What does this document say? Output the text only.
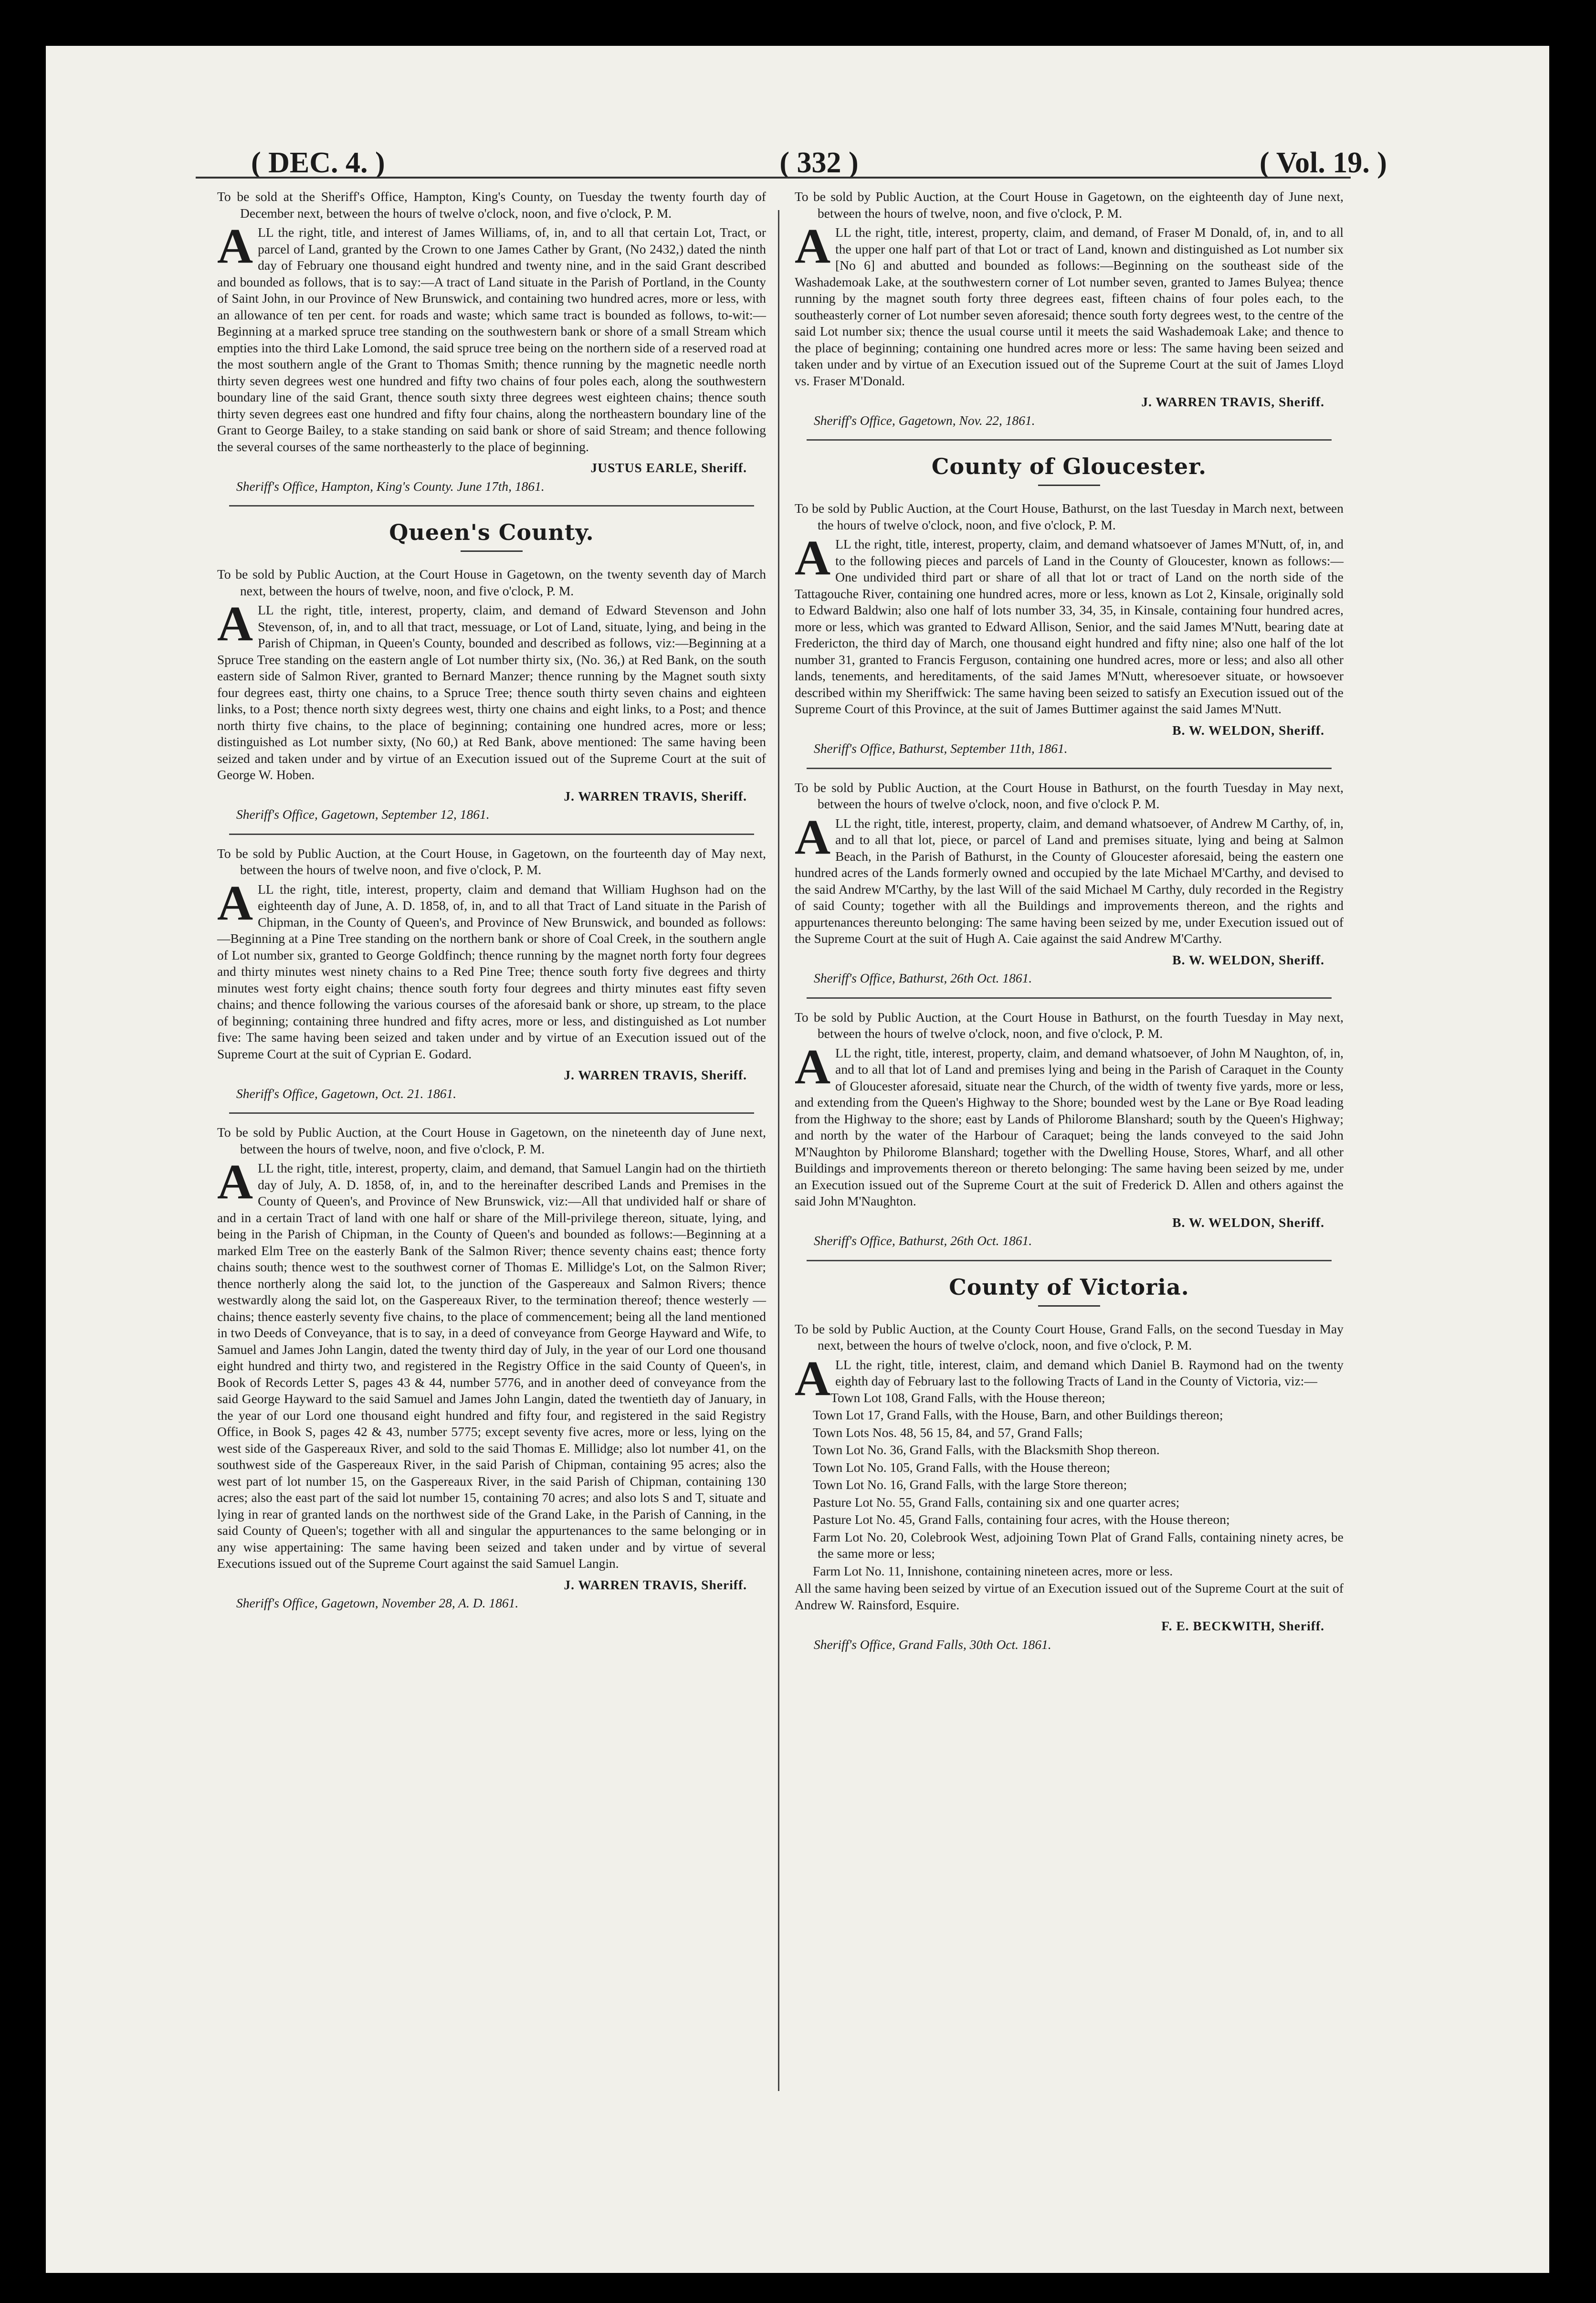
( DEC. 4. )	( 332 )	( Vol. 19. )

To be sold at the Sheriff's Office, Hampton, King's County, on Tuesday the twenty fourth day of December next, between the hours of twelve o'clock, noon, and five o'clock, P. M.

ALL the right, title, and interest of James Williams, of, in, and to all that certain Lot, Tract, or parcel of Land, granted by the Crown to one James Cather by Grant, (No 2432,) dated the ninth day of February one thousand eight hundred and twenty nine, and in the said Grant described and bounded as follows, that is to say:—A tract of Land situate in the Parish of Portland, in the County of Saint John, in our Province of New Brunswick, and containing two hundred acres, more or less, with an allowance of ten per cent. for roads and waste; which same tract is bounded as follows, to-wit:—Beginning at a marked spruce tree standing on the southwestern bank or shore of a small Stream which empties into the third Lake Lomond, the said spruce tree being on the northern side of a reserved road at the most southern angle of the Grant to Thomas Smith; thence running by the magnetic needle north thirty seven degrees west one hundred and fifty two chains of four poles each, along the southwestern boundary line of the said Grant, thence south sixty three degrees west eighteen chains; thence south thirty seven degrees east one hundred and fifty four chains, along the northeastern boundary line of the Grant to George Bailey, to a stake standing on said bank or shore of said Stream; and thence following the several courses of the same northeasterly to the place of beginning.

JUSTUS EARLE, Sheriff.

Sheriff's Office, Hampton, King's County. June 17th, 1861.

Queen's County.

To be sold by Public Auction, at the Court House in Gagetown, on the twenty seventh day of March next, between the hours of twelve, noon, and five o'clock, P. M.

ALL the right, title, interest, property, claim, and demand of Edward Stevenson and John Stevenson, of, in, and to all that tract, messuage, or Lot of Land, situate, lying, and being in the Parish of Chipman, in Queen's County, bounded and described as follows, viz:—Beginning at a Spruce Tree standing on the eastern angle of Lot number thirty six, (No. 36,) at Red Bank, on the south eastern side of Salmon River, granted to Bernard Manzer; thence running by the Magnet south sixty four degrees east, thirty one chains, to a Spruce Tree; thence south thirty seven chains and eighteen links, to a Post; thence north sixty degrees west, thirty one chains and eight links, to a Post; and thence north thirty five chains, to the place of beginning; containing one hundred acres, more or less; distinguished as Lot number sixty, (No 60,) at Red Bank, above mentioned: The same having been seized and taken under and by virtue of an Execution issued out of the Supreme Court at the suit of George W. Hoben.

J. WARREN TRAVIS, Sheriff.

Sheriff's Office, Gagetown, September 12, 1861.

To be sold by Public Auction, at the Court House, in Gagetown, on the fourteenth day of May next, between the hours of twelve noon, and five o'clock, P. M.

ALL the right, title, interest, property, claim and demand that William Hughson had on the eighteenth day of June, A. D. 1858, of, in, and to all that Tract of Land situate in the Parish of Chipman, in the County of Queen's, and Province of New Brunswick, and bounded as follows:—Beginning at a Pine Tree standing on the northern bank or shore of Coal Creek, in the southern angle of Lot number six, granted to George Goldfinch; thence running by the magnet north forty four degrees and thirty minutes west ninety chains to a Red Pine Tree; thence south forty five degrees and thirty minutes west forty eight chains; thence south forty four degrees and thirty minutes east fifty seven chains; and thence following the various courses of the aforesaid bank or shore, up stream, to the place of beginning; containing three hundred and fifty acres, more or less, and distinguished as Lot number five: The same having been seized and taken under and by virtue of an Execution issued out of the Supreme Court at the suit of Cyprian E. Godard.

J. WARREN TRAVIS, Sheriff.

Sheriff's Office, Gagetown, Oct. 21. 1861.

To be sold by Public Auction, at the Court House in Gagetown, on the nineteenth day of June next, between the hours of twelve, noon, and five o'clock, P. M.

ALL the right, title, interest, property, claim, and demand, that Samuel Langin had on the thirtieth day of July, A. D. 1858, of, in, and to the hereinafter described Lands and Premises in the County of Queen's, and Province of New Brunswick, viz:—All that undivided half or share of and in a certain Tract of land with one half or share of the Mill-privilege thereon, situate, lying, and being in the Parish of Chipman, in the County of Queen's and bounded as follows:—Beginning at a marked Elm Tree on the easterly Bank of the Salmon River; thence seventy chains east; thence forty chains south; thence west to the southwest corner of Thomas E. Millidge's Lot, on the Salmon River; thence northerly along the said lot, to the junction of the Gaspereaux and Salmon Rivers; thence westwardly along the said lot, on the Gaspereaux River, to the termination thereof; thence westerly — chains; thence easterly seventy five chains, to the place of commencement; being all the land mentioned in two Deeds of Conveyance, that is to say, in a deed of conveyance from George Hayward and Wife, to Samuel and James John Langin, dated the twenty third day of July, in the year of our Lord one thousand eight hundred and thirty two, and registered in the Registry Office in the said County of Queen's, in Book of Records Letter S, pages 43 & 44, number 5776, and in another deed of conveyance from the said George Hayward to the said Samuel and James John Langin, dated the twentieth day of January, in the year of our Lord one thousand eight hundred and fifty four, and registered in the said Registry Office, in Book S, pages 42 & 43, number 5775; except seventy five acres, more or less, lying on the west side of the Gaspereaux River, and sold to the said Thomas E. Millidge; also lot number 41, on the southwest side of the Gaspereaux River, in the said Parish of Chipman, containing 95 acres; also the west part of lot number 15, on the Gaspereaux River, in the said Parish of Chipman, containing 130 acres; also the east part of the said lot number 15, containing 70 acres; and also lots S and T, situate and lying in rear of granted lands on the northwest side of the Grand Lake, in the Parish of Canning, in the said County of Queen's; together with all and singular the appurtenances to the same belonging or in any wise appertaining: The same having been seized and taken under and by virtue of several Executions issued out of the Supreme Court against the said Samuel Langin.

J. WARREN TRAVIS, Sheriff.

Sheriff's Office, Gagetown, November 28, A. D. 1861.

To be sold by Public Auction, at the Court House in Gagetown, on the eighteenth day of June next, between the hours of twelve, noon, and five o'clock, P. M.

ALL the right, title, interest, property, claim, and demand, of Fraser M Donald, of, in, and to all the upper one half part of that Lot or tract of Land, known and distinguished as Lot number six [No 6] and abutted and bounded as follows:—Beginning on the southeast side of the Washademoak Lake, at the southwestern corner of Lot number seven, granted to James Bulyea; thence running by the magnet south forty three degrees east, fifteen chains of four poles each, to the southeasterly corner of Lot number seven aforesaid; thence south forty degrees west, to the centre of the said Lot number six; thence the usual course until it meets the said Washademoak Lake; and thence to the place of beginning; containing one hundred acres more or less: The same having been seized and taken under and by virtue of an Execution issued out of the Supreme Court at the suit of James Lloyd vs. Fraser M'Donald.

J. WARREN TRAVIS, Sheriff.

Sheriff's Office, Gagetown, Nov. 22, 1861.

County of Gloucester.

To be sold by Public Auction, at the Court House, Bathurst, on the last Tuesday in March next, between the hours of twelve o'clock, noon, and five o'clock, P. M.

ALL the right, title, interest, property, claim, and demand whatsoever of James M'Nutt, of, in, and to the following pieces and parcels of Land in the County of Gloucester, known as follows:—One undivided third part or share of all that lot or tract of Land on the north side of the Tattagouche River, containing one hundred acres, more or less, known as Lot 2, Kinsale, originally sold to Edward Baldwin; also one half of lots number 33, 34, 35, in Kinsale, containing four hundred acres, more or less, which was granted to Edward Allison, Senior, and the said James M'Nutt, bearing date at Fredericton, the third day of March, one thousand eight hundred and fifty nine; also one half of the lot number 31, granted to Francis Ferguson, containing one hundred acres, more or less; and also all other lands, tenements, and hereditaments, of the said James M'Nutt, wheresoever situate, or howsoever described within my Sheriffwick: The same having been seized to satisfy an Execution issued out of the Supreme Court of this Province, at the suit of James Buttimer against the said James M'Nutt.

B. W. WELDON, Sheriff.

Sheriff's Office, Bathurst, September 11th, 1861.

To be sold by Public Auction, at the Court House in Bathurst, on the fourth Tuesday in May next, between the hours of twelve o'clock, noon, and five o'clock P. M.

ALL the right, title, interest, property, claim, and demand whatsoever, of Andrew M Carthy, of, in, and to all that lot, piece, or parcel of Land and premises situate, lying and being at Salmon Beach, in the Parish of Bathurst, in the County of Gloucester aforesaid, being the eastern one hundred acres of the Lands formerly owned and occupied by the late Michael M'Carthy, and devised to the said Andrew M'Carthy, by the last Will of the said Michael M Carthy, duly recorded in the Registry of said County; together with all the Buildings and improvements thereon, and the rights and appurtenances thereunto belonging: The same having been seized by me, under Execution issued out of the Supreme Court at the suit of Hugh A. Caie against the said Andrew M'Carthy.

B. W. WELDON, Sheriff.

Sheriff's Office, Bathurst, 26th Oct. 1861.

To be sold by Public Auction, at the Court House in Bathurst, on the fourth Tuesday in May next, between the hours of twelve o'clock, noon, and five o'clock, P. M.

ALL the right, title, interest, property, claim, and demand whatsoever, of John M Naughton, of, in, and to all that lot of Land and premises lying and being in the Parish of Caraquet in the County of Gloucester aforesaid, situate near the Church, of the width of twenty five yards, more or less, and extending from the Queen's Highway to the Shore; bounded west by the Lane or Bye Road leading from the Highway to the shore; east by Lands of Philorome Blanshard; south by the Queen's Highway; and north by the water of the Harbour of Caraquet; being the lands conveyed to the said John M'Naughton by Philorome Blanshard; together with the Dwelling House, Stores, Wharf, and all other Buildings and improvements thereon or thereto belonging: The same having been seized by me, under an Execution issued out of the Supreme Court at the suit of Frederick D. Allen and others against the said John M'Naughton.

B. W. WELDON, Sheriff.

Sheriff's Office, Bathurst, 26th Oct. 1861.

County of Victoria.

To be sold by Public Auction, at the County Court House, Grand Falls, on the second Tuesday in May next, between the hours of twelve o'clock, noon, and five o'clock, P. M.

ALL the right, title, interest, claim, and demand which Daniel B. Raymond had on the twenty eighth day of February last to the following Tracts of Land in the County of Victoria, viz:—

Town Lot 108, Grand Falls, with the House thereon;

Town Lot 17, Grand Falls, with the House, Barn, and other Buildings thereon;

Town Lots Nos. 48, 56 15, 84, and 57, Grand Falls;

Town Lot No. 36, Grand Falls, with the Blacksmith Shop thereon.

Town Lot No. 105, Grand Falls, with the House thereon;

Town Lot No. 16, Grand Falls, with the large Store thereon;

Pasture Lot No. 55, Grand Falls, containing six and one quarter acres;

Pasture Lot No. 45, Grand Falls, containing four acres, with the House thereon;

Farm Lot No. 20, Colebrook West, adjoining Town Plat of Grand Falls, containing ninety acres, be the same more or less;

Farm Lot No. 11, Innishone, containing nineteen acres, more or less.

All the same having been seized by virtue of an Execution issued out of the Supreme Court at the suit of Andrew W. Rainsford, Esquire.

F. E. BECKWITH, Sheriff.

Sheriff's Office, Grand Falls, 30th Oct. 1861.
